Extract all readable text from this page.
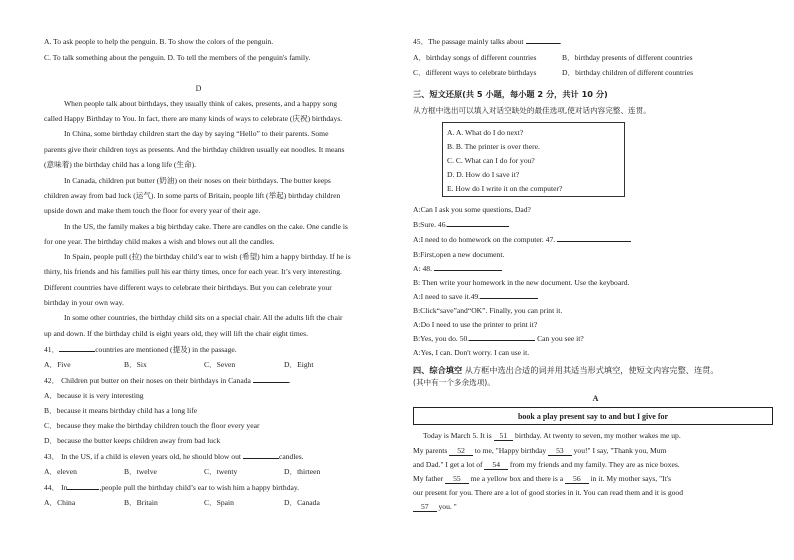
A. To ask people to help the penguin. B. To show the colors of the penguin.
C. To talk something about the penguin. D. To tell the members of the penguin's family.
D
When people talk about birthdays, they usually think of cakes, presents, and a happy song
called Happy Birthday to You. In fact, there are many kinds of ways to celebrate (庆祝) birthdays.
In China, some birthday children start the day by saying “Hello” to their parents. Some
parents give their children toys as presents. And the birthday children usually eat noodles. It means
(意味着) the birthday child has a long life (生命).
In Canada, children put butter (奶油) on their noses on their birthdays. The butter keeps
children away from bad luck (运气). In some parts of Britain, people lift (举起) birthday children
upside down and make them touch the floor for every year of their age.
In the US, the family makes a big birthday cake. There are candles on the cake. One candle is
for one year. The birthday child makes a wish and blows out all the candles.
In Spain, people pull (拉) the birthday child’s ear to wish (希望) him a happy birthday. If he is
thirty, his friends and his families pull his ear thirty times, once for each year. It’s very interesting.
Different countries have different ways to celebrate their birthdays. But you can celebrate your
birthday in your own way.
In some other countries, the birthday child sits on a special chair. All the adults lift the chair
up and down. If the birthday child is eight years old, they will lift the chair eight times.
41．	countries are mentioned (提及) in the passage.
A．Five	B．Six	C．Seven	D．Eight
42． Children put butter on their noses on their birthdays in Canada	.
A．because it is very interesting
B．because it means birthday child has a long life
C．because they make the birthday children touch the floor every year
D．because the butter keeps children away from bad luck
43． In the US, if a child is eleven years old, he should blow out	candles.
A．eleven	B．twelve	C．twenty	D．thirteen
44． In	,people pull the birthday child’s ear to wish him a happy birthday.
A．China	B．Britain	C．Spain	D．Canada
45．The passage mainly talks about	.
A．birthday songs of different countries	B．birthday presents of different countries
C．different ways to celebrate birthdays	D．birthday children of different countries
三、短文还原(共 5 小题，每小题 2 分，共计 10 分)
从方框中选出可以填入对话空缺处的最佳选项,使对话内容完整、连贯。
A. A. What do I do next?
B. B. The printer is over there.
C. C. What can I do for you?
D. D. How do I save it?
E. How do I write it on the computer?
A:Can I ask you some questions, Dad?
B:Sure. 46.
A:I need to do homework on the computer. 47.
B:First,open a new document.
A: 48.
B: Then write your homework in the new document. Use the keyboard.
A:I need to save it.49.
B:Click“save”and“OK”. Finally, you can print it.
A:Do I need to use the printer to print it?
B:Yes, you do. 50.	Can you see it?
A:Yes, I can. Don't worry. I can use it.
四、综合填空 从方框中选出合适的词并用其适当形式填空，使短文内容完整、连贯。
(其中有一个多余选项)。
A
book a play present say to and but I give for
Today is March 5. It is 51 birthday. At twenty to seven, my mother wakes me up.
My parents 52 to me, "Happy birthday 53 you!" I say, "Thank you, Mum
and Dad." I get a lot of 54 from my friends and my family. They are as nice boxes.
My father 55 me a yellow box and there is a 56 in it. My mother says, "It's
our present for you. There are a lot of good stories in it. You can read them and it is good
57 you. "
